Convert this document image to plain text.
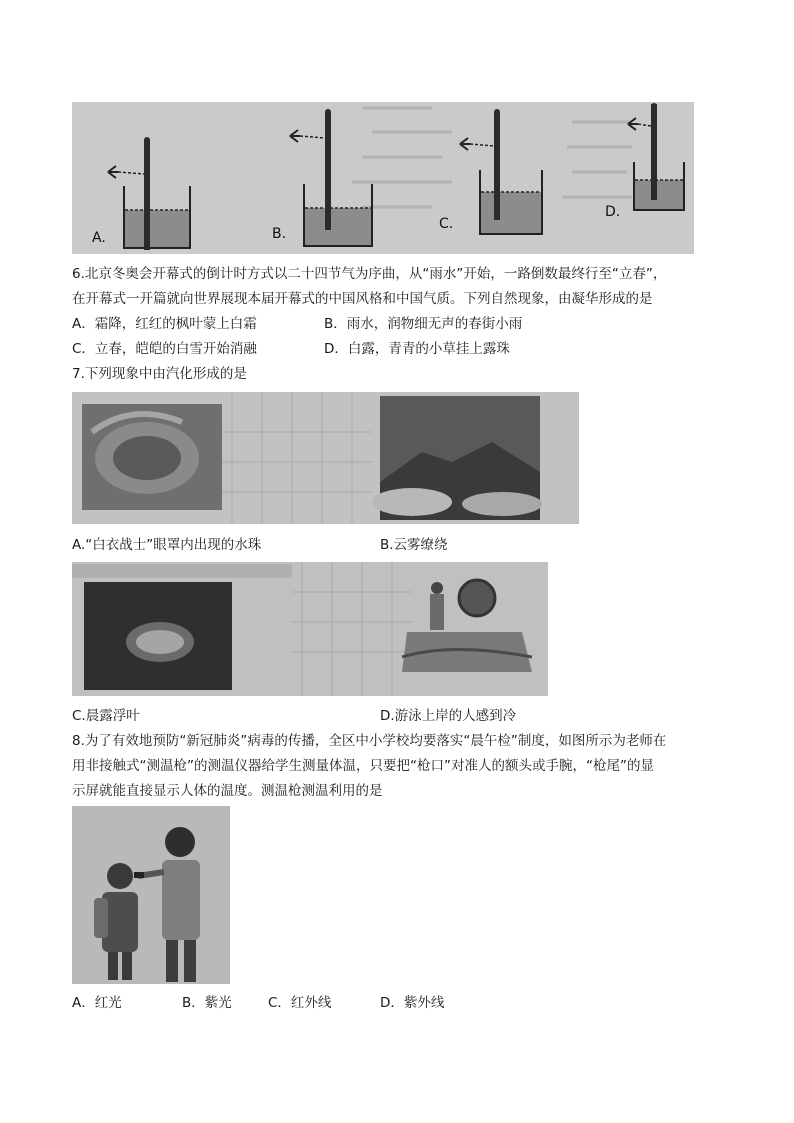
A.	B.
C.
D.
6.北京冬奥会开幕式的倒计时方式以二十四节气为序曲，从“雨水”开始，一路倒数最终行至“立春”，
在开幕式一开篇就向世界展现本届开幕式的中国风格和中国气质。下列自然现象，由凝华形成的是
A．霜降，红红的枫叶蒙上白霜	B．雨水，润物细无声的春街小雨
C．立春，皑皑的白雪开始消融	D．白露，青青的小草挂上露珠
7.下列现象中由汽化形成的是
A.“白衣战士”眼罩内出现的水珠	B.云雾缭绕
C.晨露浮叶	D.游泳上岸的人感到冷
8.为了有效地预防“新冠肺炎”病毒的传播，全区中小学校均要落实“晨午检”制度，如图所示为老师在
用非接触式“测温枪”的测温仪器给学生测量体温，只要把“枪口”对准人的额头或手腕，“枪尾”的显
示屏就能直接显示人体的温度。测温枪测温利用的是
A．红光	B．紫光	C．红外线	D．紫外线
